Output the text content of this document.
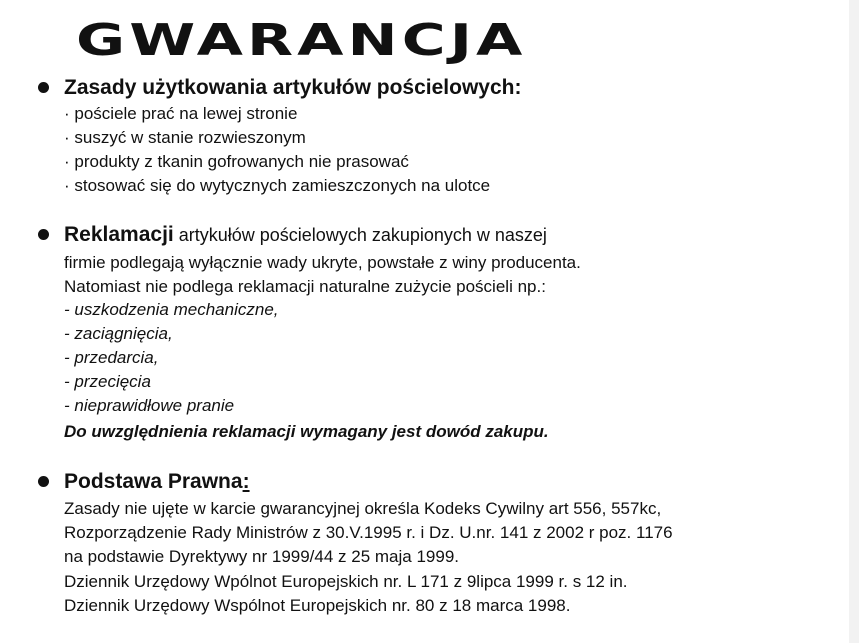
GWARANCJA
Zasady użytkowania artykułów pościelowych:
· pościele prać na lewej stronie
· suszyć w stanie rozwieszonym
· produkty z tkanin gofrowanych nie prasować
· stosować się do wytycznych zamieszczonych na ulotce
Reklamacji artykułów pościelowych zakupionych w naszej
firmie podlegają wyłącznie wady ukryte, powstałe z winy producenta.
Natomiast nie podlega reklamacji naturalne zużycie pościeli np.:
- uszkodzenia mechaniczne,
- zaciągnięcia,
- przedarcia,
- przecięcia
- nieprawidłowe pranie
Do uwzględnienia reklamacji wymagany jest dowód zakupu.
Podstawa Prawna:
Zasady nie ujęte w karcie gwarancyjnej określa Kodeks Cywilny art 556, 557kc,
Rozporządzenie Rady Ministrów z 30.V.1995 r. i Dz. U.nr. 141 z 2002 r poz. 1176
na podstawie Dyrektywy nr 1999/44 z 25 maja 1999.
Dziennik Urzędowy Wpólnot Europejskich nr. L 171 z 9lipca 1999 r. s 12 in.
Dziennik Urzędowy Wspólnot Europejskich nr. 80 z 18 marca 1998.
